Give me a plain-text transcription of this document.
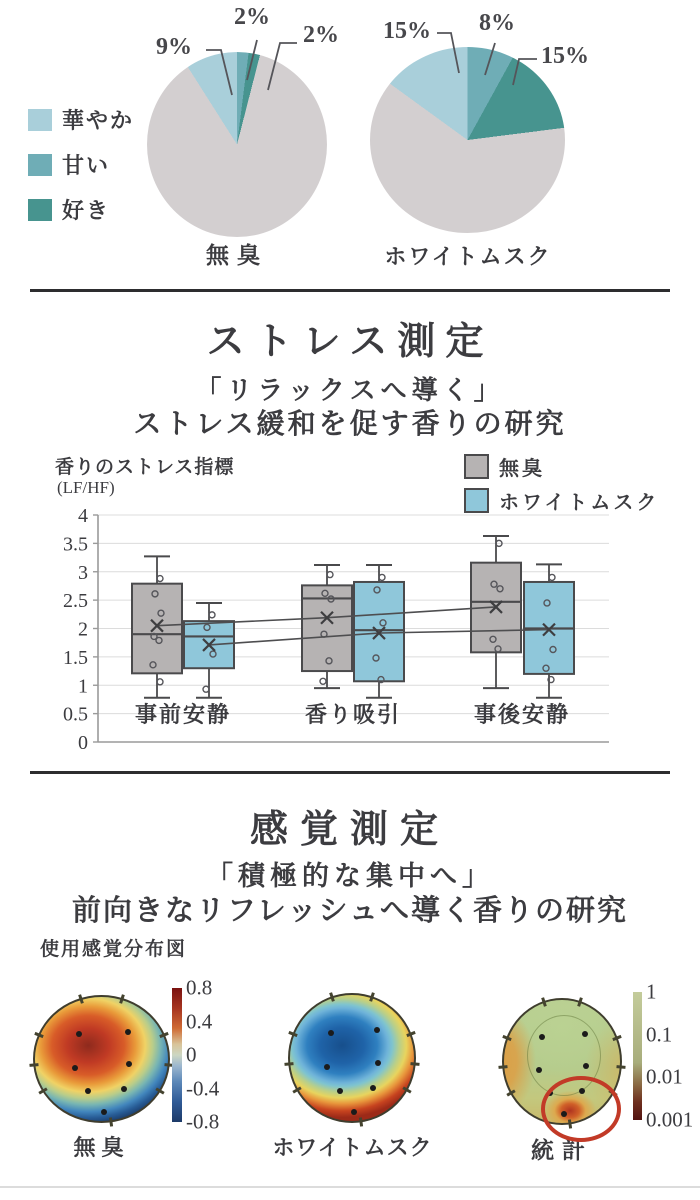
華やか
甘い
好き
9%
2%
2% 15% 8%
15%
無臭	ホワイトムスク
ストレス測定
「リラックスへ導く」
ストレス緩和を促す香りの研究
香りのストレス指標
(LF/HF)
無臭
ホワイトムスク
0
0.5
1
1.5
2
2.5
3
3.5
4
事前安静	香り吸引	事後安静
感覚測定
「積極的な集中へ」
前向きなリフレッシュへ導く香りの研究
使用感覚分布図
0.8
0.4
0
-0.4
-0.8
1
0.1
0.01
0.001
無臭	ホワイトムスク	統計
